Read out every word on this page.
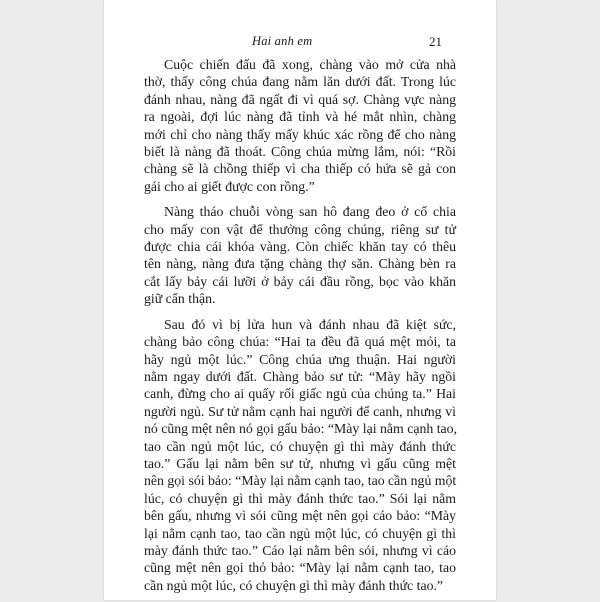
Hai anh em	21
Cuộc chiến đấu đã xong, chàng vào mở cửa nhà
thờ, thấy công chúa đang nằm lăn dưới đất. Trong lúc
đánh nhau, nàng đã ngất đi vì quá sợ. Chàng vực nàng
ra ngoài, đợi lúc nàng đã tỉnh và hé mắt nhìn, chàng
mới chỉ cho nàng thấy mấy khúc xác rồng để cho nàng
biết là nàng đã thoát. Công chúa mừng lắm, nói: “Rồi
chàng sẽ là chồng thiếp vì cha thiếp có hứa sẽ gả con
gái cho ai giết được con rồng.”
Nàng tháo chuỗi vòng san hô đang đeo ở cổ chia
cho mấy con vật để thưởng công chúng, riêng sư tử
được chia cái khóa vàng. Còn chiếc khăn tay có thêu
tên nàng, nàng đưa tặng chàng thợ săn. Chàng bèn ra
cắt lấy bảy cái lưỡi ở bảy cái đầu rồng, bọc vào khăn
giữ cẩn thận.
Sau đó vì bị lửa hun và đánh nhau đã kiệt sức,
chàng bảo công chúa: “Hai ta đều đã quá mệt mỏi, ta
hãy ngủ một lúc.” Công chúa ưng thuận. Hai người
nằm ngay dưới đất. Chàng bảo sư tử: “Mày hãy ngồi
canh, đừng cho ai quấy rối giấc ngủ của chúng ta.” Hai
người ngủ. Sư tử nằm cạnh hai người để canh, nhưng vì
nó cũng mệt nên nó gọi gấu bảo: “Mày lại nằm cạnh tao,
tao cần ngủ một lúc, có chuyện gì thì mày đánh thức
tao.” Gấu lại nằm bên sư tử, nhưng vì gấu cũng mệt
nên gọi sói bảo: “Mày lại nằm cạnh tao, tao cần ngủ một
lúc, có chuyện gì thì mày đánh thức tao.” Sói lại nằm
bên gấu, nhưng vì sói cũng mệt nên gọi cáo bảo: “Mày
lại nằm cạnh tao, tao cần ngủ một lúc, có chuyện gì thì
mày đánh thức tao.” Cáo lại nằm bên sói, nhưng vì cáo
cũng mệt nên gọi thỏ bảo: “Mày lại nằm cạnh tao, tao
cần ngủ một lúc, có chuyện gì thì mày đánh thức tao.”
